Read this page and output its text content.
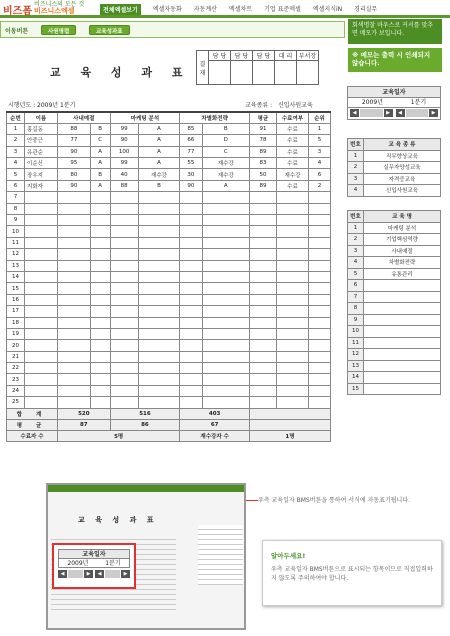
비즈폼
비즈니스의 모든 것
비즈니스엑셀	전체엑셀보기	엑셀자동화 자동계산 엑셀차트 기업 표준엑셀 엑셀지식iN 경리실무
이동버튼	사원명렵	교육성과표
회색명찰 마우스로 커서를 맞추면 메모가 보입니다.
※ 메모는 출력 시 인쇄되지 않습니다.
교 육 성 과 표
결재	담 당	담 당	담 당	대 리	부서장

시행년도 : 2009년 1분기	교육종류 : 신입사원교육
순번	이름	사내예절		마케팅 분석		차별화전략		평균	수료여부	순위
1	홍길동	88	B	99	A	85	B	91	수료	1
2	안중근	77	C	90	A	66	D	78	수료	5
3	유관순	90	A	100	A	77	C	89	수료	3
4	이순신	95	A	99	A	55	재수강	83	수료	4
5	장우지	80	B	40	재수강	30	재수강	50	재수강	6
6	지화자	90	A	88	B	90	A	89	수료	2
7										
8										
9										
10										
11										
12										
13										
14										
15										
16										
17										
18										
19										
20										
21										
22										
23										
24										
25										
합 계		520		516		403				
평 균		87		86		67				
수료자 수		5명				재수강자 수		1명		
교육일자
2009년	1분기
◀	▶	◀	▶
번호	교 육 종 류
1	직무향상교육
2	실무자양성교육
3	자격증교육
4	신입사원교육
번호	교 육 명
1	마케팅 분석
2	기업핵심역량
3	사내예절
4	차별화전략
5	유통관리
6	
7	
8	
9	
10	
11	
12	
13	
14	
15	
교 육 성 과 표
교육일자
2009년	1분기
◀	▶	◀	▶
우측 교육일자 BMS버튼을 통하여 서식에 자동표기됩니다.
알아두세요!
우측 교육일자 BMS버튼으로 표시되는 항목이므로 직접입력하지 않도록 주의하여야 합니다.
